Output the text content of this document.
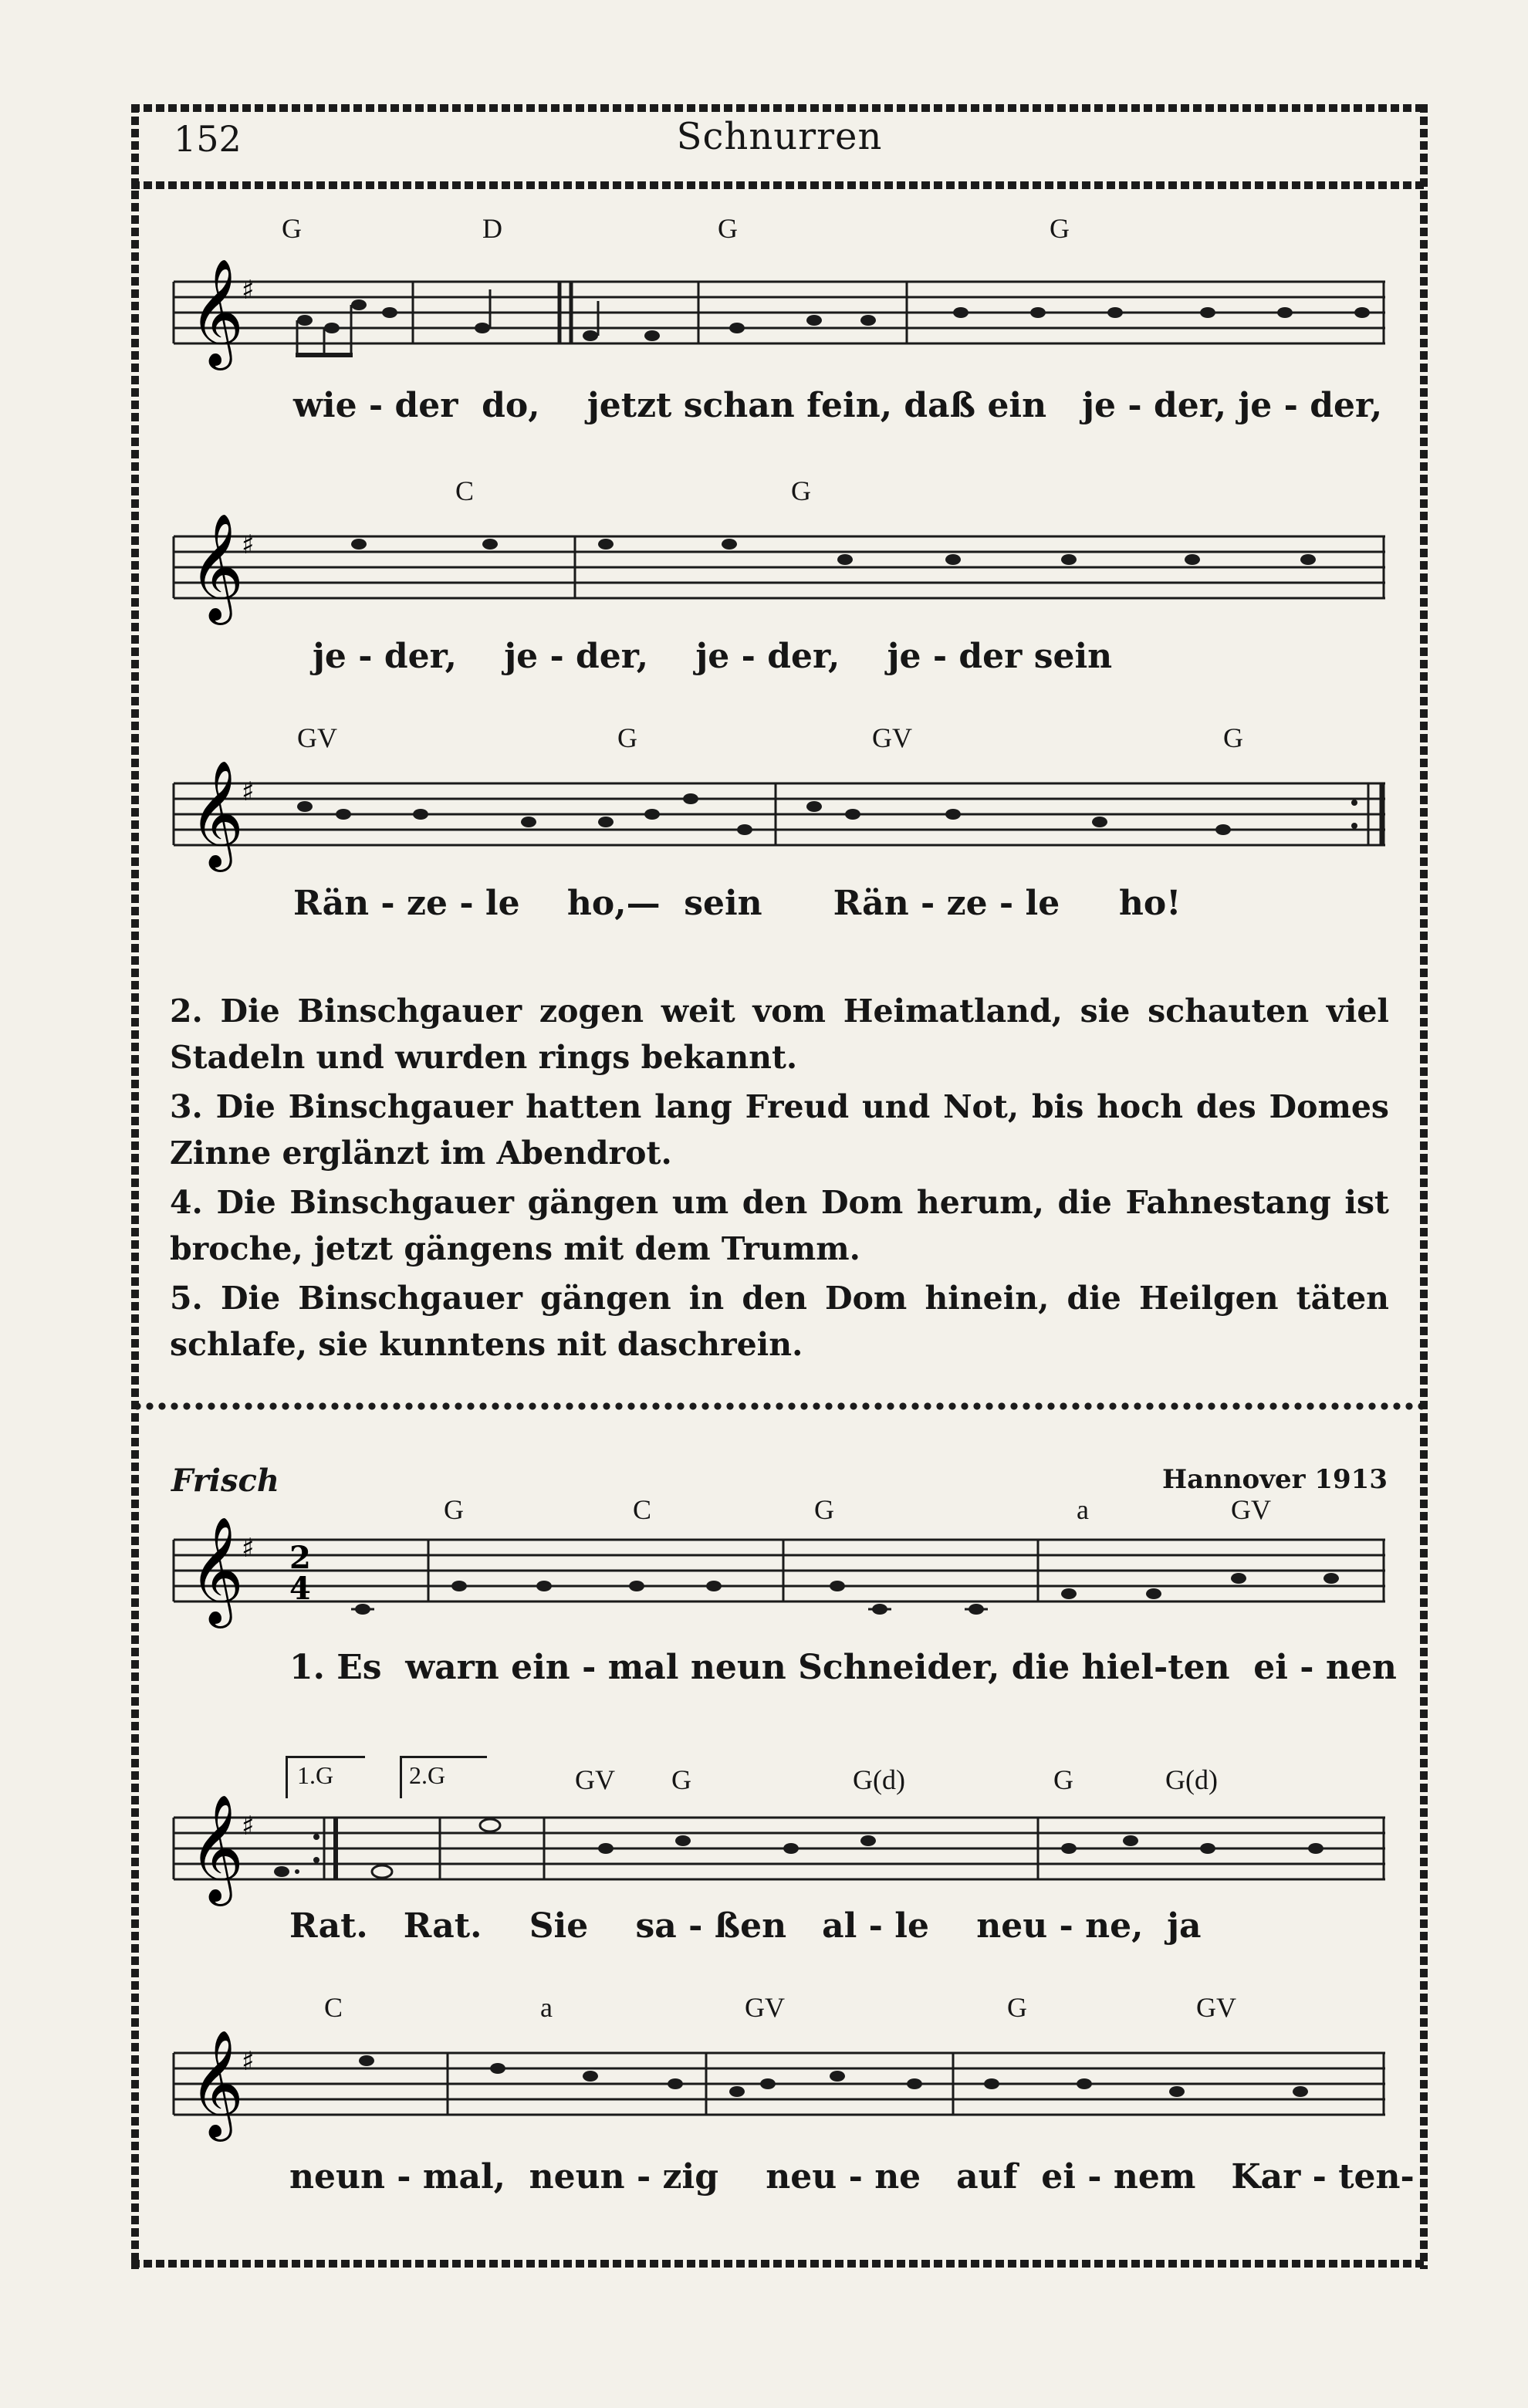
152	Schnurren
𝄞
♯
G	D	G	G
wie - der do, jetzt schan fein, daß ein je - der, je - der,
𝄞
♯
C	G
je - der, je - der, je - der, je - der sein
𝄞
♯
GV	G	GV	G
Rän - ze - le ho,— sein Rän - ze - le ho!

2. Die Binschgauer zogen weit vom Heimatland, sie schauten viel Stadeln und wurden rings bekannt.

3. Die Binschgauer hatten lang Freud und Not, bis hoch des Domes Zinne erglänzt im Abendrot.

4. Die Binschgauer gängen um den Dom herum, die Fahnestang ist broche, jetzt gängens mit dem Trumm.

5. Die Binschgauer gängen in den Dom hinein, die Heilgen täten schlafe, sie kunntens nit daschrein.

Frisch	Hannover 1913
𝄞
♯ 2
4
G	C	G	a	GV
1. Es warn ein - mal neun Schneider, die hiel-ten ei - nen
𝄞
♯
1.G	2.G	GV G	G(d)	G	G(d)
Rat. Rat. Sie sa - ßen al - le neu - ne, ja
𝄞
♯
C	a	GV	G	GV
neun - mal, neun - zig neu - ne auf ei - nem Kar - ten-
